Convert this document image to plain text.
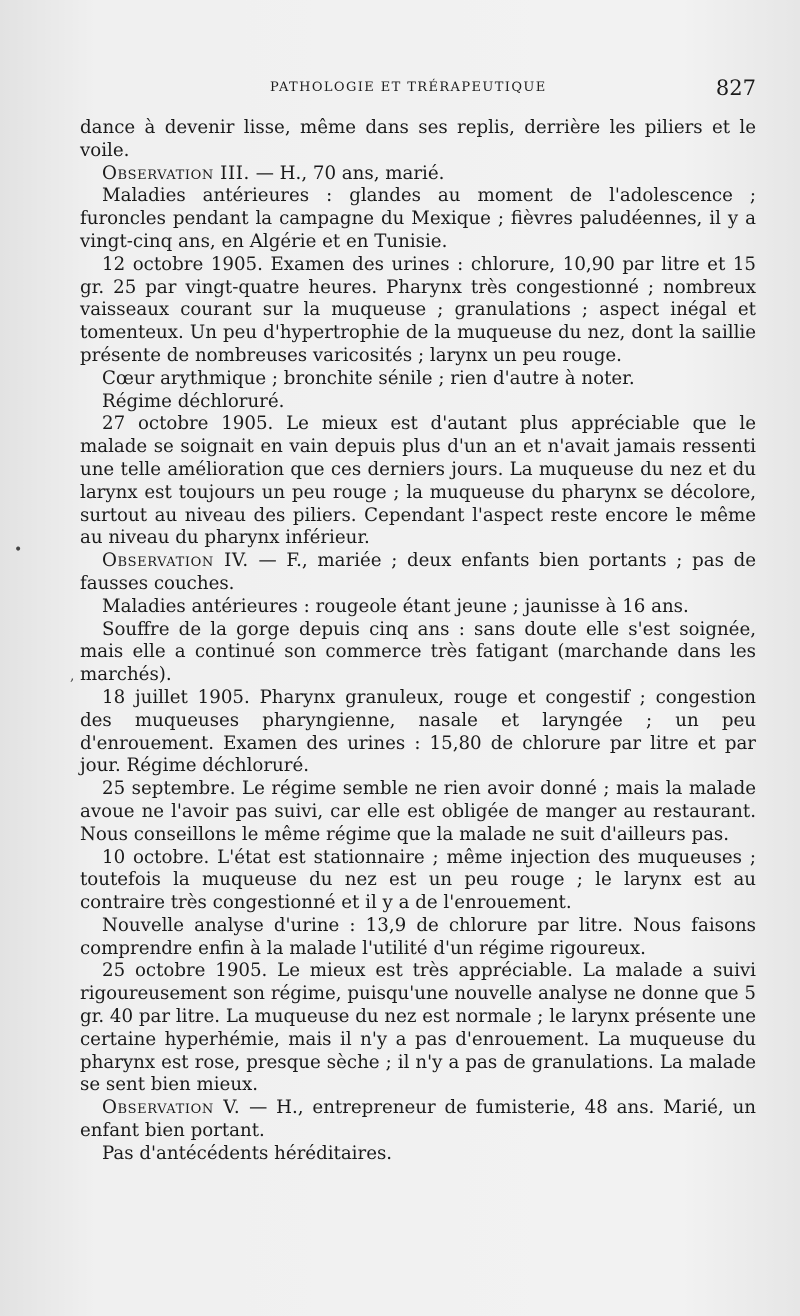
PATHOLOGIE ET TRÉRAPEUTIQUE	827
•
,

dance à devenir lisse, même dans ses replis, derrière les piliers et le voile.

Observation III. — H., 70 ans, marié.

Maladies antérieures : glandes au moment de l'adolescence ; furoncles pendant la campagne du Mexique ; fièvres paludéennes, il y a vingt-cinq ans, en Algérie et en Tunisie.

12 octobre 1905. Examen des urines : chlorure, 10,90 par litre et 15 gr. 25 par vingt-quatre heures. Pharynx très congestionné ; nombreux vaisseaux courant sur la muqueuse ; granulations ; aspect inégal et tomenteux. Un peu d'hypertrophie de la muqueuse du nez, dont la saillie présente de nombreuses varicosités ; larynx un peu rouge.

Cœur arythmique ; bronchite sénile ; rien d'autre à noter.

Régime déchloruré.

27 octobre 1905. Le mieux est d'autant plus appréciable que le malade se soignait en vain depuis plus d'un an et n'avait jamais ressenti une telle amélioration que ces derniers jours. La muqueuse du nez et du larynx est toujours un peu rouge ; la muqueuse du pharynx se décolore, surtout au niveau des piliers. Cependant l'aspect reste encore le même au niveau du pharynx inférieur.

Observation IV. — F., mariée ; deux enfants bien portants ; pas de fausses couches.

Maladies antérieures : rougeole étant jeune ; jaunisse à 16 ans.

Souffre de la gorge depuis cinq ans : sans doute elle s'est soignée, mais elle a continué son commerce très fatigant (marchande dans les marchés).

18 juillet 1905. Pharynx granuleux, rouge et congestif ; congestion des muqueuses pharyngienne, nasale et laryngée ; un peu d'enrouement. Examen des urines : 15,80 de chlorure par litre et par jour. Régime déchloruré.

25 septembre. Le régime semble ne rien avoir donné ; mais la malade avoue ne l'avoir pas suivi, car elle est obligée de manger au restaurant. Nous conseillons le même régime que la malade ne suit d'ailleurs pas.

10 octobre. L'état est stationnaire ; même injection des muqueuses ; toutefois la muqueuse du nez est un peu rouge ; le larynx est au contraire très congestionné et il y a de l'enrouement.

Nouvelle analyse d'urine : 13,9 de chlorure par litre. Nous faisons comprendre enfin à la malade l'utilité d'un régime rigoureux.

25 octobre 1905. Le mieux est très appréciable. La malade a suivi rigoureusement son régime, puisqu'une nouvelle analyse ne donne que 5 gr. 40 par litre. La muqueuse du nez est normale ; le larynx présente une certaine hyperhémie, mais il n'y a pas d'enrouement. La muqueuse du pharynx est rose, presque sèche ; il n'y a pas de granulations. La malade se sent bien mieux.

Observation V. — H., entrepreneur de fumisterie, 48 ans. Marié, un enfant bien portant.

Pas d'antécédents héréditaires.
